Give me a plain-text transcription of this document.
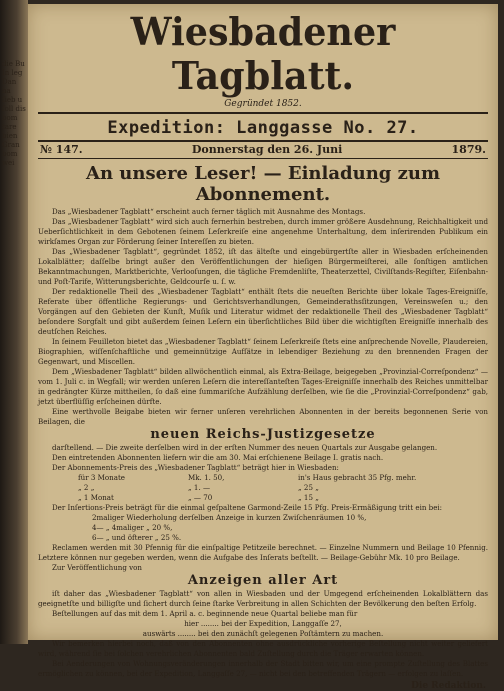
die Bu In leg Dan ha ſieb u ſoll dis bom tare bien Gran bom wei
Wiesbadener Tagblatt.
Gegründet 1852.
Expedition: Langgasse No. 27.
№ 147.	Donnerstag den 26. Juni	1879.
An unsere Leser! — Einladung zum Abonnement.

Das „Wiesbadener Tagblatt“ erscheint auch ferner täglich mit Ausnahme des Montags.

Das „Wiesbadener Tagblatt“ wird sich auch fernerhin bestreben, durch immer größere Ausdehnung, Reichhaltigkeit und Ueberſichtlichkeit in dem Gebotenen ſeinem Leſerkreiſe eine angenehme Unterhaltung, dem inſerirenden Publikum ein wirkſames Organ zur Förderung ſeiner Intereſſen zu bieten.

Das „Wiesbadener Tagblatt“, gegründet 1852, iſt das älteſte und eingebürgertſte aller in Wiesbaden erſcheinenden Lokalblätter; daſſelbe bringt außer den Veröffentlichungen der hieſigen Bürgermeiſterei, alle ſonſtigen amtlichen Bekanntmachungen, Marktberichte, Verlooſungen, die tägliche Fremdenliſte, Theaterzettel, Civilſtands-Regiſter, Eiſenbahn- und Poſt-Tarife, Witterungsberichte, Geldcourſe u. ſ. w.

Der redaktionelle Theil des „Wiesbadener Tagblatt“ enthält ſtets die neueſten Berichte über lokale Tages-Ereigniſſe, Referate über öffentliche Regierungs- und Gerichtsverhandlungen, Gemeinderathsſitzungen, Vereinsweſen u.; den Vorgängen auf den Gebieten der Kunſt, Muſik und Literatur widmet der redaktionelle Theil des „Wiesbadener Tagblatt“ beſondere Sorgfalt und gibt außerdem ſeinen Leſern ein überſichtliches Bild über die wichtigſten Ereigniſſe innerhalb des deutſchen Reiches.

In ſeinem Feuilleton bietet das „Wiesbadener Tagblatt“ ſeinem Leſerkreiſe ſtets eine anſprechende Novelle, Plaudereien, Biographien, wiſſenſchaftliche und gemeinnützige Aufſätze in lebendiger Beziehung zu den brennenden Fragen der Gegenwart, und Miscellen.

Dem „Wiesbadener Tagblatt“ bilden allwöchentlich einmal, als Extra-Beilage, beigegeben „Provinzial-Correſpondenz“ — vom 1. Juli c. in Wegfall; wir werden unſeren Leſern die intereſſanteſten Tages-Ereigniſſe innerhalb des Reiches unmittelbar in gedrängter Kürze mittheilen, ſo daß eine ſummariſche Aufzählung derſelben, wie ſie die „Provinzial-Correſpondenz“ gab, jetzt überflüſſig erſcheinen dürfte.

Eine werthvolle Beigabe bieten wir ferner unſeren verehrlichen Abonnenten in der bereits begonnenen Serie von Beilagen, die

neuen Reichs-Justizgesetze

darſtellend. — Die zweite derſelben wird in der erſten Nummer des neuen Quartals zur Ausgabe gelangen.

Den eintretenden Abonnenten liefern wir die am 30. Mai erſchienene Beilage I. gratis nach.

Der Abonnements-Preis des „Wiesbadener Tagblatt“ beträgt hier in Wiesbaden:

für 3 Monate	Mk. 1. 50,	in's Haus gebracht 35 Pfg. mehr.
„ 2 „	„ 1. —	„ 25 „
„ 1 Monat	„ — 70	„ 15 „

Der Inſertions-Preis beträgt für die einmal geſpaltene Garmond-Zeile 15 Pfg. Preis-Ermäßigung tritt ein bei:

2maliger Wiederholung derſelben Anzeige in kurzen Zwiſchenräumen 10 %,

4— „ 4maliger „ 20 %,

6— „ und öfterer „ 25 %.

Reclamen werden mit 30 Pfennig für die einſpaltige Petitzeile berechnet. — Einzelne Nummern und Beilage 10 Pfennig. Letztere können nur gegeben werden, wenn die Aufgabe des Inſerats beſtellt. — Beilage-Gebühr Mk. 10 pro Beilage.

Zur Veröffentlichung von

Anzeigen aller Art

iſt daher das „Wiesbadener Tagblatt“ von allen in Wiesbaden und der Umgegend erſcheinenden Lokalblättern das geeignetſte und billigſte und ſichert durch ſeine ſtarke Verbreitung in allen Schichten der Bevölkerung den beſten Erfolg.

Beſtellungen auf das mit dem 1. April a. c. beginnende neue Quartal beliebe man für

hier ........ bei der Expedition, Langgaſſe 27,

auswärts ........ bei den zunächſt gelegenen Poſtämtern zu machen.

Wir bemerken hierbei noch, daß von den Abonnenten ohne ausdrückliche vorherige Beſtellung nicht weiter geliefert wird, während ſie bei ſolchen verehrlichen Abonnenten bald Zuſtellung durch die Träger erwarten können.

Bei Aenderungen von Wohnungsveränderungen innerhalb der Stadt bitten wir, um eine prompte Zuſtellung des Blattes ermöglichen zu können, bei der Expedition, Langgaſſe 27, — nicht bei den betreffenden Trägern — erfolgen zu laſſen.

Die Redaktion.
